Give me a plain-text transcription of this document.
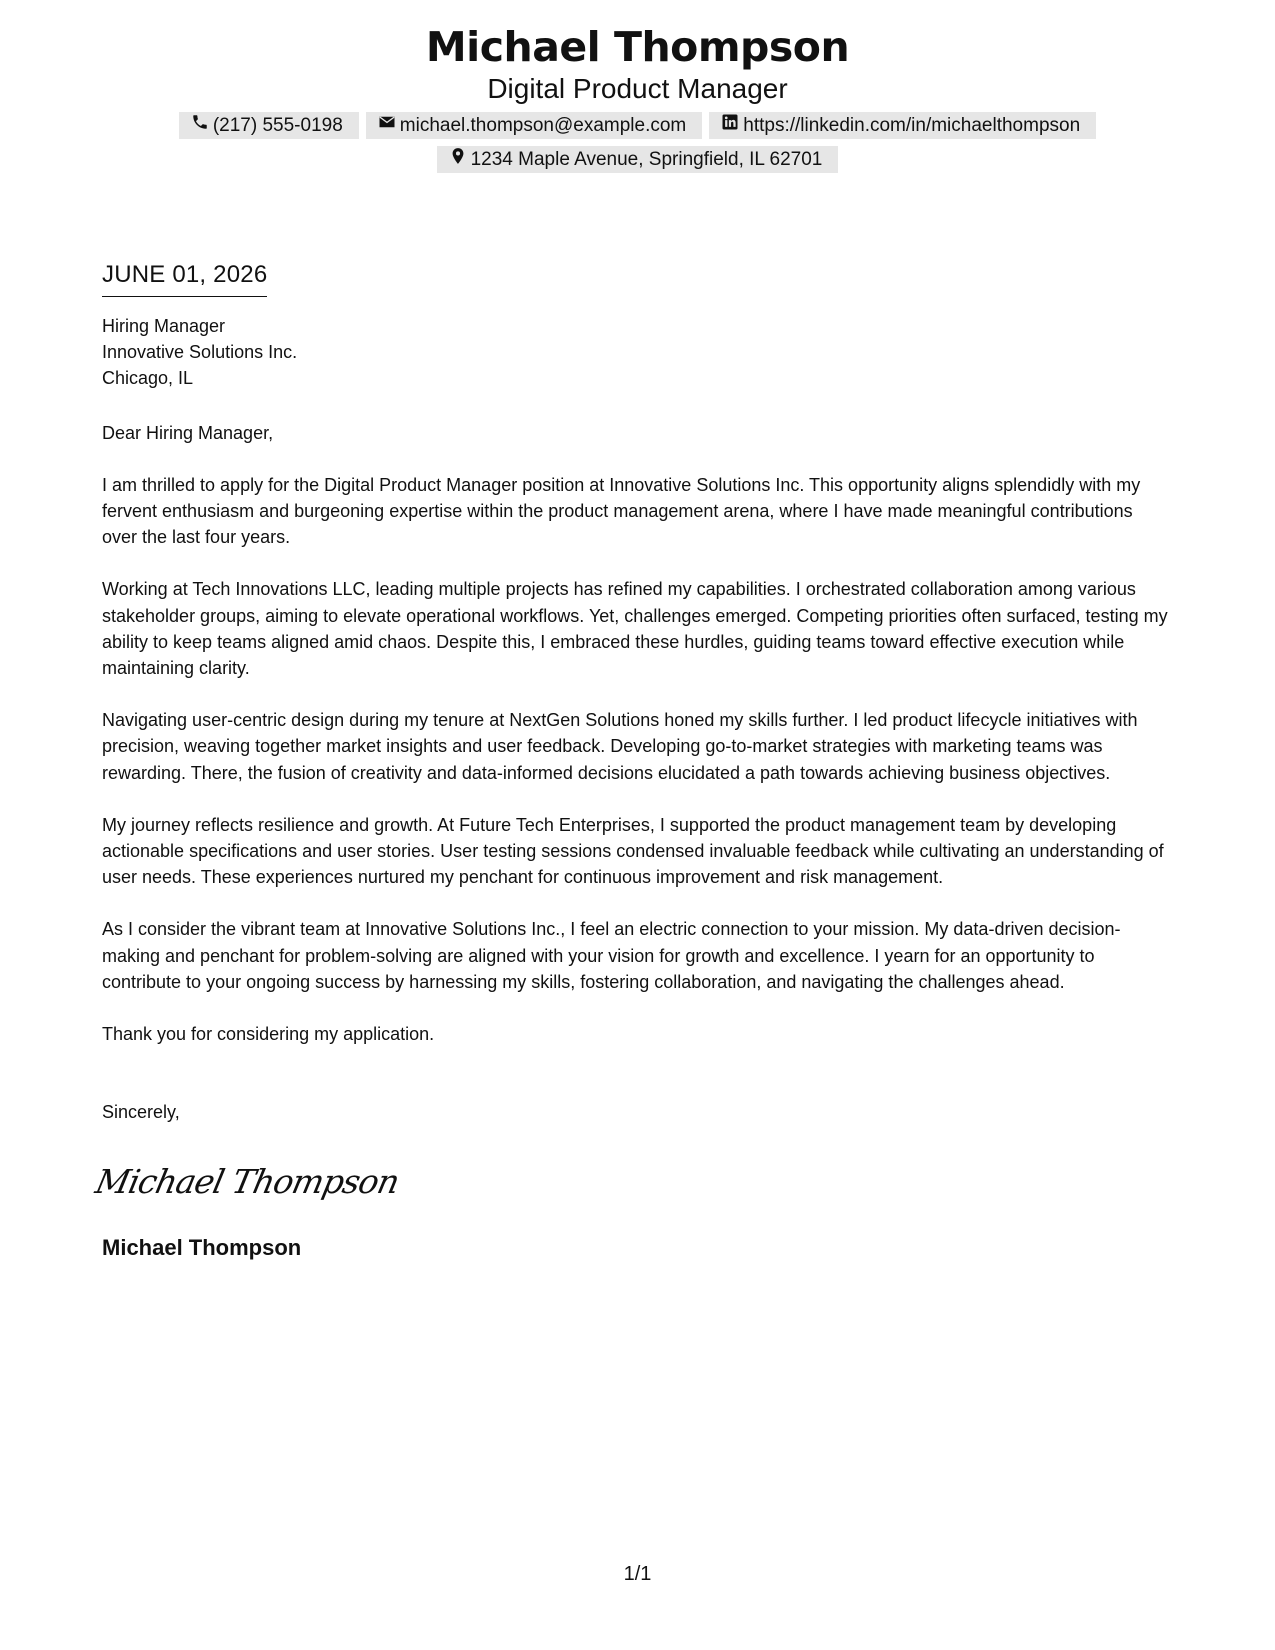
Michael Thompson
Digital Product Manager
(217) 555-0198	michael.thompson@example.com	https://linkedin.com/in/michaelthompson
1234 Maple Avenue, Springfield, IL 62701
JUNE 01, 2026
Hiring Manager
Innovative Solutions Inc.
Chicago, IL
Dear Hiring Manager,

I am thrilled to apply for the Digital Product Manager position at Innovative Solutions Inc. This opportunity aligns splendidly with my fervent enthusiasm and burgeoning expertise within the product management arena, where I have made meaningful contributions over the last four years.

Working at Tech Innovations LLC, leading multiple projects has refined my capabilities. I orchestrated collaboration among various stakeholder groups, aiming to elevate operational workflows. Yet, challenges emerged. Competing priorities often surfaced, testing my ability to keep teams aligned amid chaos. Despite this, I embraced these hurdles, guiding teams toward effective execution while maintaining clarity.

Navigating user-centric design during my tenure at NextGen Solutions honed my skills further. I led product lifecycle initiatives with precision, weaving together market insights and user feedback. Developing go-to-market strategies with marketing teams was rewarding. There, the fusion of creativity and data-informed decisions elucidated a path towards achieving business objectives.

My journey reflects resilience and growth. At Future Tech Enterprises, I supported the product management team by developing actionable specifications and user stories. User testing sessions condensed invaluable feedback while cultivating an understanding of user needs. These experiences nurtured my penchant for continuous improvement and risk management.

As I consider the vibrant team at Innovative Solutions Inc., I feel an electric connection to your mission. My data-driven decision-making and penchant for problem-solving are aligned with your vision for growth and excellence. I yearn for an opportunity to contribute to your ongoing success by harnessing my skills, fostering collaboration, and navigating the challenges ahead.

Thank you for considering my application.

Sincerely,
Michael Thompson
Michael Thompson
1/1
